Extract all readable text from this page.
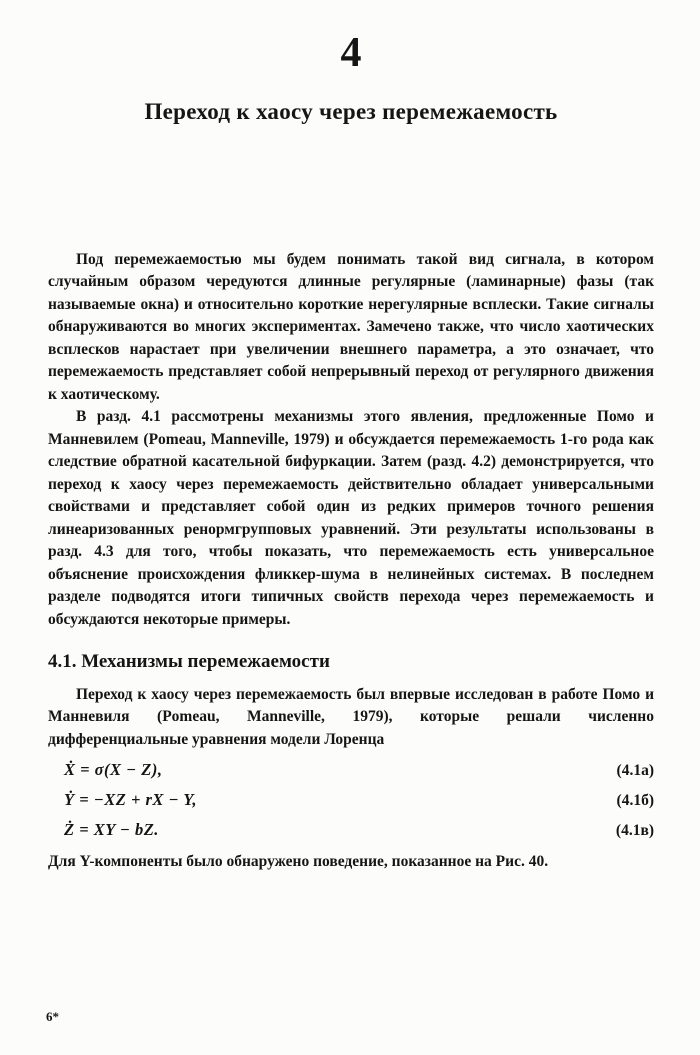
4
Переход к хаосу через перемежаемость

Под перемежаемостью мы будем понимать такой вид сигнала, в котором случайным образом чередуются длинные регулярные (ламинарные) фазы (так называемые окна) и относительно короткие нерегулярные всплески. Такие сигналы обнаруживаются во многих экспериментах. Замечено также, что число хаотических всплесков нарастает при увеличении внешнего параметра, а это означает, что перемежаемость представляет собой непрерывный переход от регулярного движения к хаотическому.

В разд. 4.1 рассмотрены механизмы этого явления, предложенные Помо и Манневилем (Pomeau, Manneville, 1979) и обсуждается перемежаемость 1-го рода как следствие обратной касательной бифуркации. Затем (разд. 4.2) демонстрируется, что переход к хаосу через перемежаемость действительно обладает универсальными свойствами и представляет собой один из редких примеров точного решения линеаризованных ренормгрупповых уравнений. Эти результаты использованы в разд. 4.3 для того, чтобы показать, что перемежаемость есть универсальное объяснение происхождения фликкер-шума в нелинейных системах. В последнем разделе подводятся итоги типичных свойств перехода через перемежаемость и обсуждаются некоторые примеры.

4.1. Механизмы перемежаемости

Переход к хаосу через перемежаемость был впервые исследован в работе Помо и Манневиля (Pomeau, Manneville, 1979), которые решали численно дифференциальные уравнения модели Лоренца

Ẋ = σ(X − Z),	(4.1а)
Ẏ = −XZ + rX − Y,	(4.1б)
Ż = XY − bZ.	(4.1в)

Для Y-компоненты было обнаружено поведение, показанное на Рис. 40.

6*
